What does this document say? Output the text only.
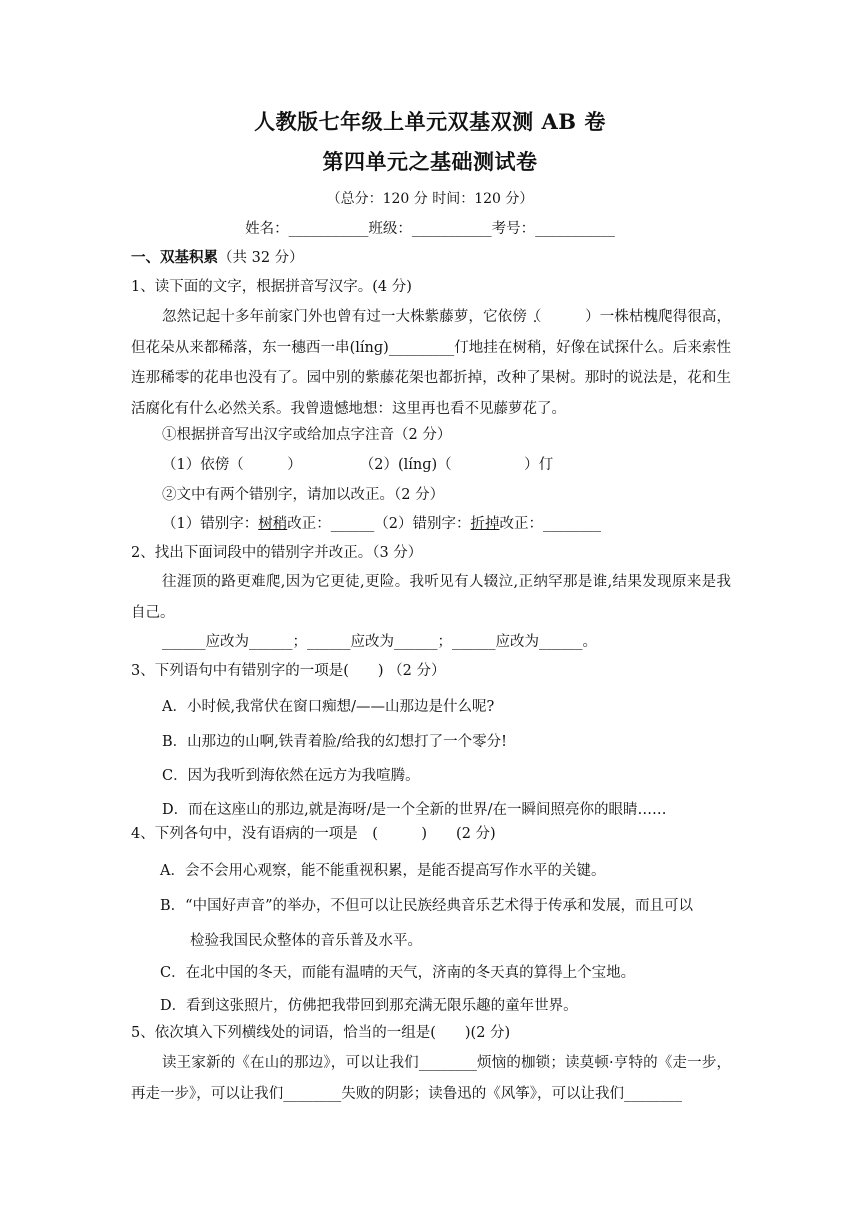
人教版七年级上单元双基双测 AB 卷
第四单元之基础测试卷
（总分：120 分 时间：120 分）
姓名：___________班级：___________考号：___________
一、双基积累（共 32 分）
1、读下面的文字，根据拼音写汉字。(4 分)
忽然记起十多年前家门外也曾有过一大株紫藤萝，它依傍（　　　）一株枯槐爬得很高，但花朵从来都稀落，东一穗西一串(línɡ)_________仃地挂在树稍，好像在试探什么。后来索性连那稀零的花串也没有了。园中别的紫藤花架也都折掉，改种了果树。那时的说法是，花和生活腐化有什么必然关系。我曾遗憾地想：这里再也看不见藤萝花了。
①根据拼音写出汉字或给加点字注音（2 分）
（1）依傍（　　　）　　　　　（2）(línɡ)（　　　　　）仃
②文中有两个错别字，请加以改正。（2 分）
（1）错别字：树稍改正：______（2）错别字：折掉改正：________
2、找出下面词段中的错别字并改正。（3 分）
往涯顶的路更难爬,因为它更徒,更险。我听见有人辍泣,正纳罕那是谁,结果发现原来是我自己。
______应改为______；______应改为______；______应改为______。
3、下列语句中有错别字的一项是(　　) （2 分）
A．小时候,我常伏在窗口痴想/——山那边是什么呢?
B．山那边的山啊,铁青着脸/给我的幻想打了一个零分!
C．因为我听到海依然在远方为我喧腾。
D．而在这座山的那边,就是海呀/是一个全新的世界/在一瞬间照亮你的眼睛……
4、下列各句中，没有语病的一项是　(　　　)　　(2 分)
A．会不会用心观察，能不能重视积累，是能否提高写作水平的关键。
B．“中国好声音”的举办，不但可以让民族经典音乐艺术得于传承和发展，而且可以
检验我国民众整体的音乐普及水平。
C．在北中国的冬天，而能有温晴的天气，济南的冬天真的算得上个宝地。
D．看到这张照片，仿佛把我带回到那充满无限乐趣的童年世界。
5、依次填入下列横线处的词语，恰当的一组是(　　)(2 分)
读王家新的《在山的那边》，可以让我们________烦恼的枷锁；读莫顿·亨特的《走一步，再走一步》，可以让我们________失败的阴影；读鲁迅的《风筝》，可以让我们________
